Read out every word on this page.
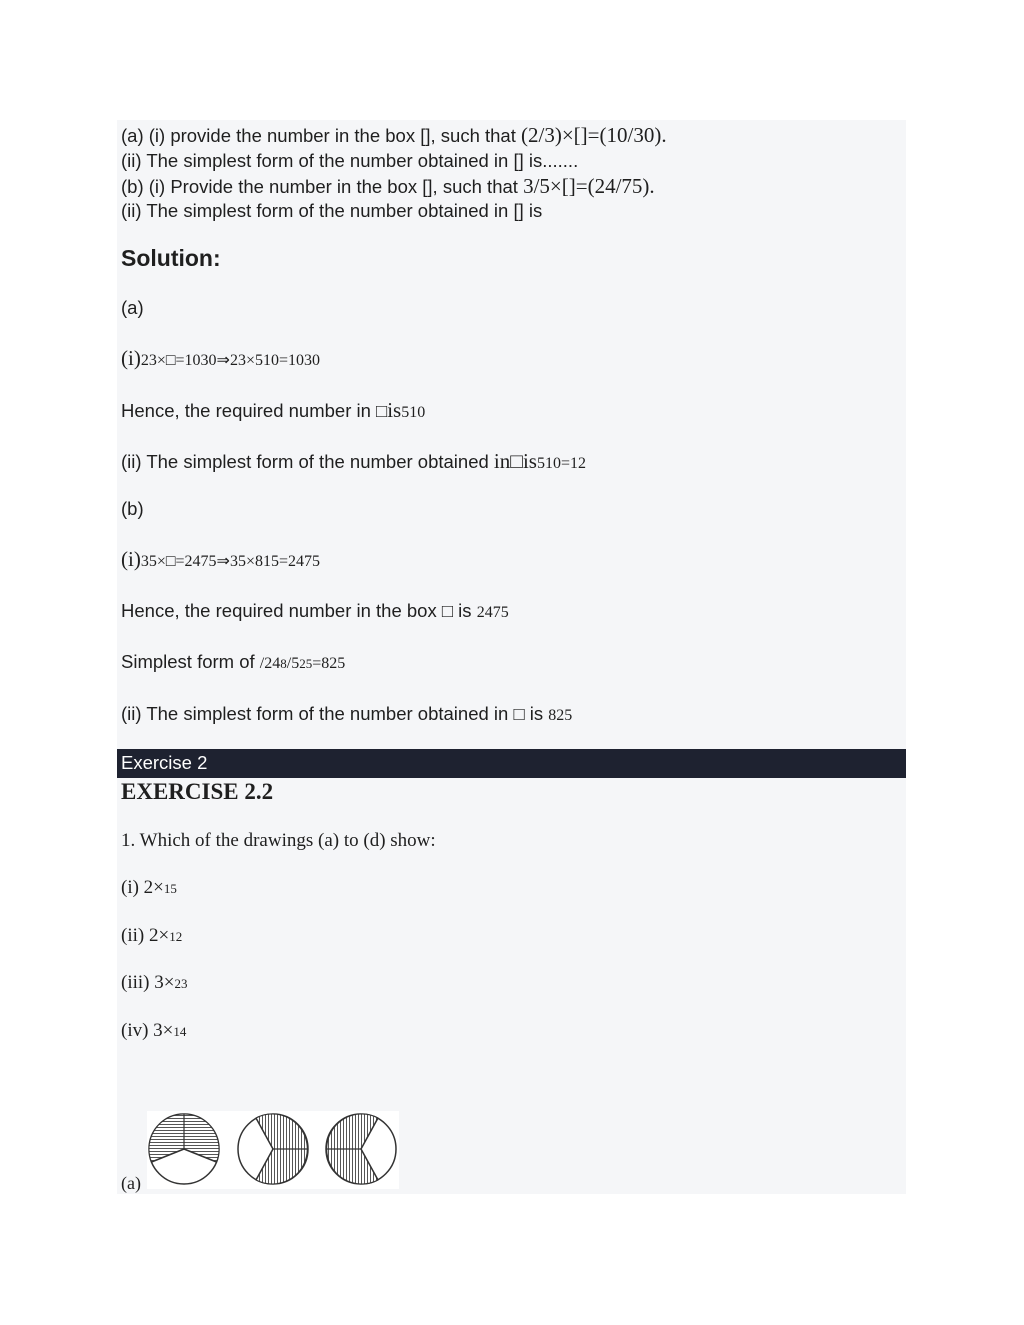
(a) (i) provide the number in the box [], such that (2/3)×[]=(10/30).
(ii) The simplest form of the number obtained in [] is.......
(b) (i) Provide the number in the box [], such that 3/5×[]=(24/75).
(ii) The simplest form of the number obtained in [] is
Solution:
(a)
(i)23×□=1030⇒23×510=1030
Hence, the required number in □is510
(ii) The simplest form of the number obtained in□is510=12
(b)
(i)35×□=2475⇒35×815=2475
Hence, the required number in the box □ is 2475
Simplest form of /248/525=825
(ii) The simplest form of the number obtained in □ is 825
Exercise 2
EXERCISE 2.2
1. Which of the drawings (a) to (d) show:
(i) 2×15
(ii) 2×12
(iii) 3×23
(iv) 3×14
(a)
